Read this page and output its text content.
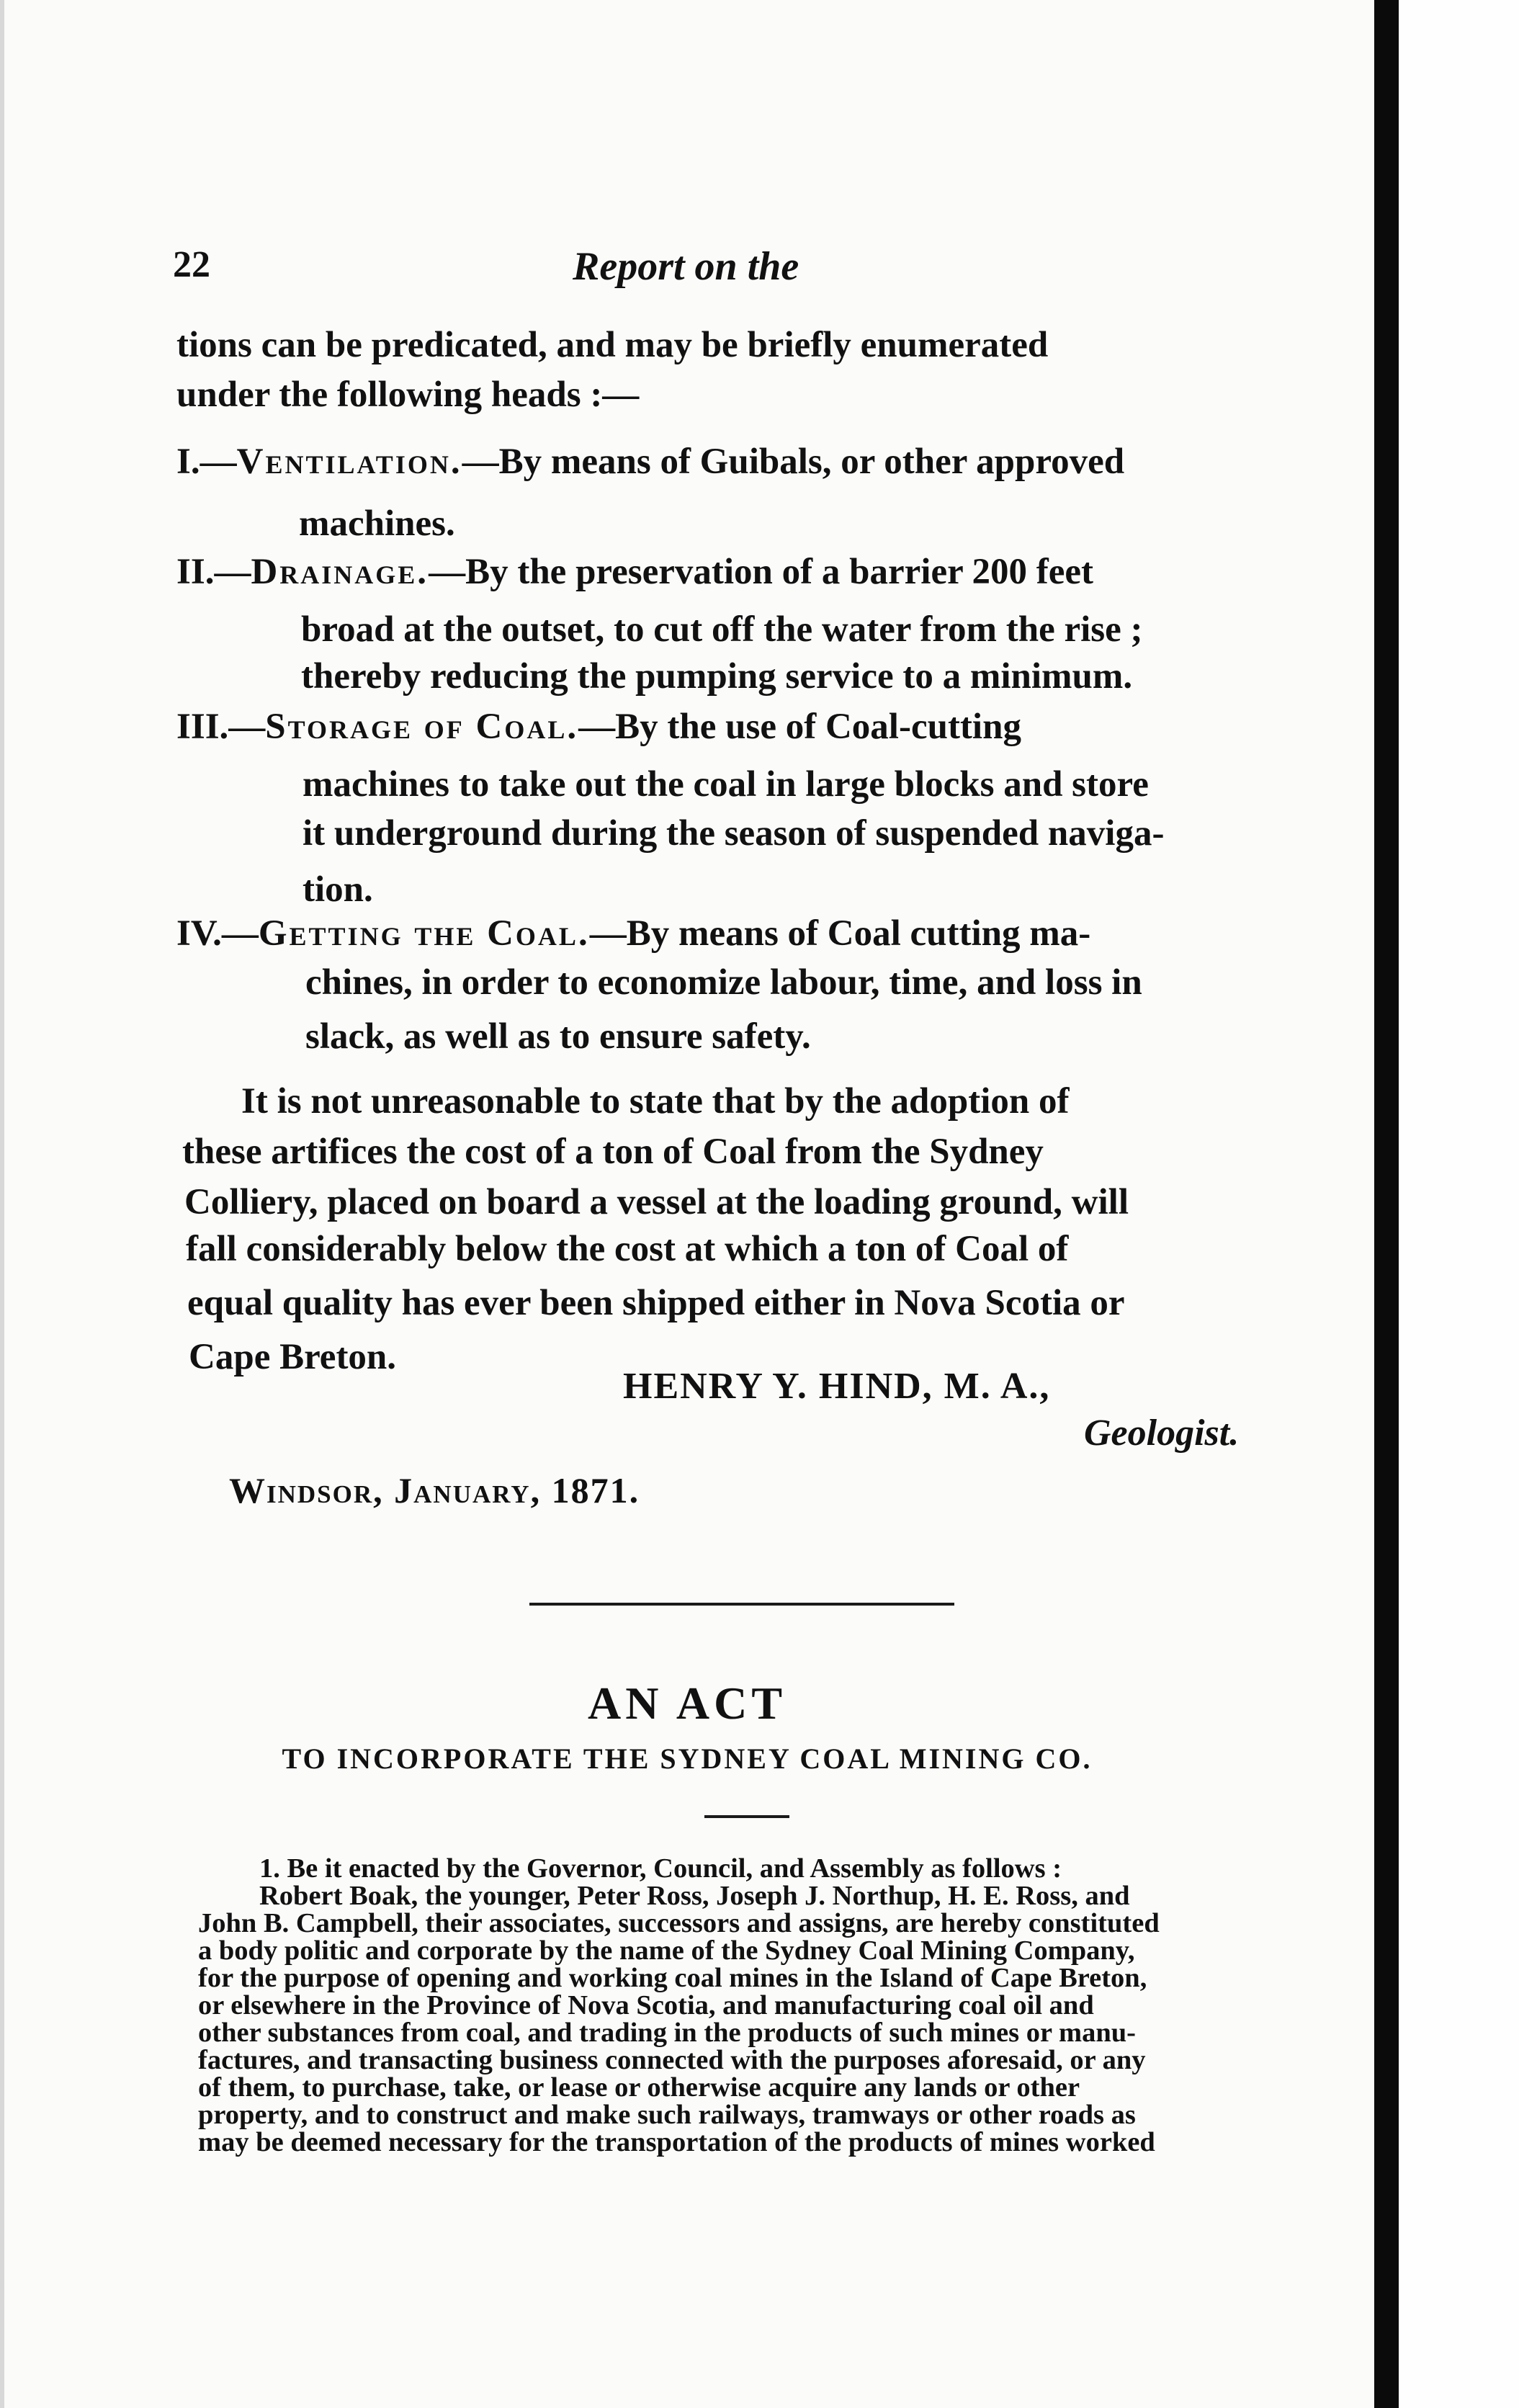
22	Report on the
tions can be predicated, and may be briefly enumerated
under the following heads :—
I.—Ventilation.—By means of Guibals, or other approved
machines.
II.—Drainage.—By the preservation of a barrier 200 feet
broad at the outset, to cut off the water from the rise ;
thereby reducing the pumping service to a minimum.
III.—Storage of Coal.—By the use of Coal-cutting
machines to take out the coal in large blocks and store
it underground during the season of suspended naviga-
tion.
IV.—Getting the Coal.—By means of Coal cutting ma-
chines, in order to economize labour, time, and loss in
slack, as well as to ensure safety.
It is not unreasonable to state that by the adoption of
these artifices the cost of a ton of Coal from the Sydney
Colliery, placed on board a vessel at the loading ground, will
fall considerably below the cost at which a ton of Coal of
equal quality has ever been shipped either in Nova Scotia or
Cape Breton.
HENRY Y. HIND, M. A.,
Geologist.
Windsor, January, 1871.
AN ACT
TO INCORPORATE THE SYDNEY COAL MINING CO.
1. Be it enacted by the Governor, Council, and Assembly as follows :
Robert Boak, the younger, Peter Ross, Joseph J. Northup, H. E. Ross, and
John B. Campbell, their associates, successors and assigns, are hereby constituted
a body politic and corporate by the name of the Sydney Coal Mining Company,
for the purpose of opening and working coal mines in the Island of Cape Breton,
or elsewhere in the Province of Nova Scotia, and manufacturing coal oil and
other substances from coal, and trading in the products of such mines or manu-
factures, and transacting business connected with the purposes aforesaid, or any
of them, to purchase, take, or lease or otherwise acquire any lands or other
property, and to construct and make such railways, tramways or other roads as
may be deemed necessary for the transportation of the products of mines worked
